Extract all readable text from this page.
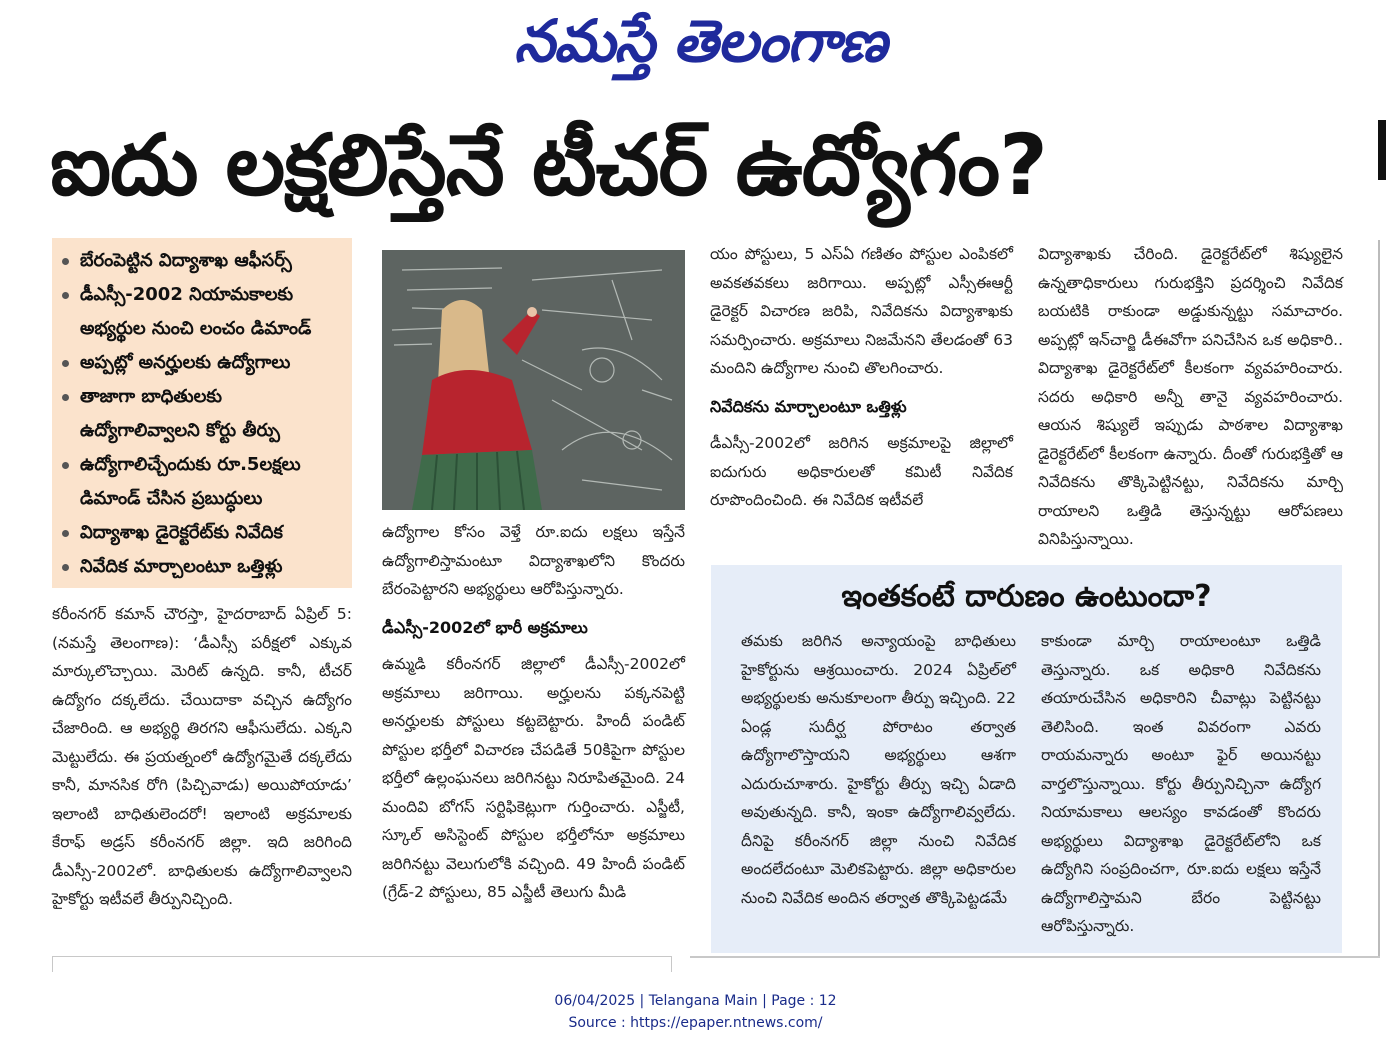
నమస్తే తెలంగాణ
ఐదు లక్షలిస్తేనే టీచర్ ఉద్యోగం?
బేరంపెట్టిన విద్యాశాఖ ఆఫీసర్స్
డీఎస్సీ-2002 నియామకాలకు అభ్యర్థుల నుంచి లంచం డిమాండ్
అప్పట్లో అనర్హులకు ఉద్యోగాలు
తాజాగా బాధితులకు ఉద్యోగాలివ్వాలని కోర్టు తీర్పు
ఉద్యోగాలిచ్చేందుకు రూ.5లక్షలు డిమాండ్ చేసిన ప్రబుద్ధులు
విద్యాశాఖ డైరెక్టరేట్‌కు నివేదిక
నివేదిక మార్చాలంటూ ఒత్తిళ్లు

కరీంనగర్ కమాన్ చౌరస్తా, హైదరాబాద్ ఏప్రిల్ 5: (నమస్తే తెలంగాణ): ‘డీఎస్సీ పరీక్షలో ఎక్కువ మార్కులొచ్చాయి. మెరిట్ ఉన్నది. కానీ, టీచర్ ఉద్యోగం దక్కలేదు. చేయిదాకా వచ్చిన ఉద్యోగం చేజారింది. ఆ అభ్యర్థి తిరగని ఆఫీసులేదు. ఎక్కని మెట్టులేదు. ఈ ప్రయత్నంలో ఉద్యోగమైతే దక్కలేదు కానీ, మానసిక రోగి (పిచ్చివాడు) అయిపోయాడు’ ఇలాంటి బాధితులెందరో! ఇలాంటి అక్రమాలకు కేరాఫ్ అడ్రస్ కరీంనగర్ జిల్లా. ఇది జరిగింది డీఎస్సీ-2002లో. బాధితులకు ఉద్యోగాలివ్వాలని హైకోర్టు ఇటీవలే తీర్పునిచ్చింది.

ఉద్యోగాల కోసం వెళ్తే రూ.ఐదు లక్షలు ఇస్తేనే ఉద్యోగాలిస్తామంటూ విద్యాశాఖలోని కొందరు బేరంపెట్టారని అభ్యర్థులు ఆరోపిస్తున్నారు.

డీఎస్సీ-2002లో భారీ అక్రమాలు

ఉమ్మడి కరీంనగర్ జిల్లాలో డీఎస్సీ-2002లో అక్రమాలు జరిగాయి. అర్హులను పక్కనపెట్టి అనర్హులకు పోస్టులు కట్టబెట్టారు. హిందీ పండిట్ పోస్టుల భర్తీలో విచారణ చేపడితే 50కిపైగా పోస్టుల భర్తీలో ఉల్లంఘనలు జరిగినట్టు నిరూపితమైంది. 24 మందివి బోగస్ సర్టిఫికెట్లుగా గుర్తించారు. ఎస్జీటీ, స్కూల్ అసిస్టెంట్ పోస్టుల భర్తీలోనూ అక్రమాలు జరిగినట్టు వెలుగులోకి వచ్చింది. 49 హిందీ పండిట్ (గ్రేడ్-2 పోస్టులు, 85 ఎస్జీటీ తెలుగు మీడి

యం పోస్టులు, 5 ఎస్ఏ గణితం పోస్టుల ఎంపికలో అవకతవకలు జరిగాయి. అప్పట్లో ఎస్సీఈఆర్టీ డైరెక్టర్ విచారణ జరిపి, నివేదికను విద్యాశాఖకు సమర్పించారు. అక్రమాలు నిజమేనని తేలడంతో 63 మందిని ఉద్యోగాల నుంచి తొలగించారు.

నివేదికను మార్చాలంటూ ఒత్తిళ్లు

డీఎస్సీ-2002లో జరిగిన అక్రమాలపై జిల్లాలో ఐదుగురు అధికారులతో కమిటీ నివేదిక రూపొందించింది. ఈ నివేదిక ఇటీవలే

విద్యాశాఖకు చేరింది. డైరెక్టరేట్‌లో శిష్యులైన ఉన్నతాధికారులు గురుభక్తిని ప్రదర్శించి నివేదిక బయటికి రాకుండా అడ్డుకున్నట్టు సమాచారం. అప్పట్లో ఇన్‌చార్జి డీఈవోగా పనిచేసిన ఒక అధికారి.. విద్యాశాఖ డైరెక్టరేట్‌లో కీలకంగా వ్యవహరించారు. సదరు అధికారి అన్నీ తానై వ్యవహరించారు. ఆయన శిష్యులే ఇప్పుడు పాఠశాల విద్యాశాఖ డైరెక్టరేట్‌లో కీలకంగా ఉన్నారు. దీంతో గురుభక్తితో ఆ నివేదికను తొక్కిపెట్టినట్టు, నివేదికను మార్చి రాయాలని ఒత్తిడి తెస్తున్నట్టు ఆరోపణలు వినిపిస్తున్నాయి.

ఇంతకంటే దారుణం ఉంటుందా?

తమకు జరిగిన అన్యాయంపై బాధితులు హైకోర్టును ఆశ్రయించారు. 2024 ఏప్రిల్‌లో అభ్యర్థులకు అనుకూలంగా తీర్పు ఇచ్చింది. 22 ఏండ్ల సుదీర్ఘ పోరాటం తర్వాత ఉద్యోగాలొస్తాయని అభ్యర్థులు ఆశగా ఎదురుచూశారు. హైకోర్టు తీర్పు ఇచ్చి ఏడాది అవుతున్నది. కానీ, ఇంకా ఉద్యోగాలివ్వలేదు. దీనిపై కరీంనగర్ జిల్లా నుంచి నివేదిక అందలేదంటూ మెలికపెట్టారు. జిల్లా అధికారుల నుంచి నివేదిక అందిన తర్వాత తొక్కిపెట్టడమే

కాకుండా మార్చి రాయాలంటూ ఒత్తిడి తెస్తున్నారు. ఒక అధికారి నివేదికను తయారుచేసిన అధికారిని చీవాట్లు పెట్టినట్టు తెలిసింది. ఇంత వివరంగా ఎవరు రాయమన్నారు అంటూ ఫైర్ అయినట్టు వార్తలొస్తున్నాయి. కోర్టు తీర్పునిచ్చినా ఉద్యోగ నియామకాలు ఆలస్యం కావడంతో కొందరు అభ్యర్థులు విద్యాశాఖ డైరెక్టరేట్‌లోని ఒక ఉద్యోగిని సంప్రదించగా, రూ.ఐదు లక్షలు ఇస్తేనే ఉద్యోగాలిస్తామని బేరం పెట్టినట్టు ఆరోపిస్తున్నారు.

06/04/2025 | Telangana Main | Page : 12
Source : https://epaper.ntnews.com/
